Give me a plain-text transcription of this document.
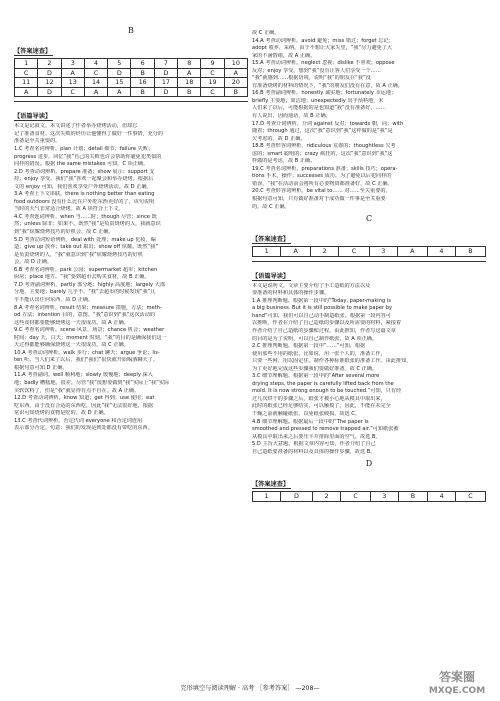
B
【答案速查】
1	2	3	4	5	6	7	8	9	10
C	D	A	C	D	B	D	A	C	A
11	12	13	14	15	16	17	18	19	20
A	D	C	A	A	B	D	B	C	B
【语篇导读】

本文是记叙文。本文讲述了作者举办烧烤活动，但却忘

记了准备食材。这次失败的经历让他懂得了做好一件事情，充分的

准备是至关重要的。

1.C 考查名词辨析。plan 计划；detail 细节；failure 失败；

progress 进步。回忆“我”自己的失败也许会帮助你避免犯类似的

同样的错误。根据 the same mistakes 可知，C 项正确。

2.D 考查动词辨析。prepare 准备；show 展示；support 支

持；enjoy 享受。我们“我”喜欢一起聚会和举办烧烤。根据后

文的 enjoy 可知，我们喜欢享受户外烧烤活动。故 D 正确。

3.A 考查上下文串联。there is nothing better than eating

food outdoors 没有什么比在户外吃东西更好的了，该句说明

当时的天气非常适合烧烤。故 A 项符合上下文。

4.C 考查连词辨析。when 当……时；though 尽管；since 既

然；unless 除非；如果不。既然“我”是负责烧烤的人，我就意识

到“我”炫耀烧烤技巧的好机会。故 C 正确。

5.D 考查动词短语辨析。deal with 处理；make up 化妆，编

造；give up 放弃；take out 取出；show off 炫耀。既然“我”

是负责烧烤的人，“我”就意识到“我”炫耀烧烤技巧的好机

会。故 D 正确。

6.B 考查名词辨析。park 公园；supermarket 超市；kitchen

厨房；place 地方。“我”要到超市去购买食材，故 B 正确。

7.D 考查副词辨析。partly 部分地；highly 高度地；largely 大部

分地，主要地；barely 几乎不。“我”去超市的时候发现“我”几

乎不能认出任何东西，故 D 正确。

8.A 考查名词辨析。result 结果；measure 措施，方法；meth-

od 方法；intention 目的，意图。“我”意识到“我”这次活动的

这些食材都要能够烧烤这一天很成功。故 A 正确。

9.C 考查名词辨析。scene 风景，场景；chance 机会；weather

时间；day 天，白天；moment 时刻。“我”的目的是确保我们这一

天过得都能够确保烧烤这一天很成功。故 C 正确。

10.A 考查动词辨析。walk 步行；chat 聊天；argue 争论；lis-

ten 听。当人们来了以后，我们“我们”很快就开始喝酒聊天了。

根据句意可知 D 正确。

11.A 考查副词。well 顺利地；slowly 缓慢地；deeply 深入

地；badly 糟糕地，很差。尽管“我”很想要做到“我”实际上“我”实际

买软饮料了，但是“我”就显得有点不自在。故 A 正确。

12.D 考查动词辨析。know 知道；get 得到；use 使用；eat

吃东西。由于没有合适的东西吃，因此“我”无法很好地，根据

常识可知烧烤的食物是吃的。故 D 正确。

13.C 考查代词辨析。否定代词 everyone 和否定词连用

表示部分否定。句意：我们的发现是到处都没有带吃的东西。

故 C 正确。

14.A 考查动词辨析。avoid 避免；miss 错过；forget 忘记；

adopt 收养，采纳。由于不想让大家失望，“我”尽力避免了大

家的不满情绪，故 A 正确。

15.A 考查动词辨析。neglect 忽视；dislike 不喜欢；oppose

反对；enjoy 享受。想到“我”没有让客人们享受一个……

“我”就感到……根据语境，说明“我”的朋友在“我”没

有准备烧烤的材料的情况下，“我”的朋友们没有在意，故 A 正确。

16.B 考查副词辨析。honestly 诚实地；fortunately 幸运地；

briefly 主要地；简洁地；unexpectedly 出乎预料地，未

人们来了以后，可能根据的是也知道“我”没有准备好，……

有人说出，因而通话，故 B 正确。

17.D 考查介词辨析。介词 against 反对；towards 朝，向；with

随着；through 通过，这次“我”意识到“我”这样做的是“我”是

欠考虑的，故 D 正确。

18.B 考查形容词辨析。ridiculous 荒谬的；thoughtless 欠考

虑的；smart 聪明的；crazy 疯狂的，这次“我”意识到“我”这

样做的是考虑，故 B 正确。

19.C 考查名词辨析。preparations 准备；skills 技巧；opera-

tions 手术，操作；successes 成功。为了避免以后犯同样的

错误，“我”在活动前会将所有必要物资都准备好，故 C 正确。

20.C 考查形容词辨析。be vital to…… 对……至关重要的。

根据句意可知，只有做好准备对于成功做一件事是至关重要

的。故 C 正确。

C
【答案速查】
1	A	2	C	3	A	4	B
【语篇导读】

本文是说明文。文章主要介绍了手工造纸的方法以及

要准备的材料和具体的操作步骤。

1.A 推理判断题。根据第一段中的“Today, paper-making is

a big business. But it is still possible to make paper by

hand”可知，我们可以自己动手制造纸张。根据第一段内容可

以推断，作者在介绍了自己造纸的步骤以及所需要的材料，紧接着

作者介绍了自己造纸的步骤和过程。由此推知，作者写这篇文章

的目的是为了说明，可以自己制作纸张，故 A 项正确。

2.C 推理判断题。根据第一段中“……”可知，根据

使用那些不用的纸张，比如说，用一张个人的，准备工作，

只要一些网，用以固定住，制作各种标准纸张的准备工作。由此推知，

为了更好地完成这些步骤我们要做好准备。故 C 正确。

3.C 细节理解题。根据第一段中的“After several more

drying steps, the paper is carefully lifted back from the

mold. It is now strong enough to be touched.”可知，只有经

过几次烘干的步骤之后，纸张才被小心地从模具中取出来，

此时的纸张已经足够结实，可以触摸了，因此，不能在未完全

干燥之前就触碰纸张，以免纸张破损。故选 C。

4.B 细节理解题。根据最后一段中的“The paper is

smoothed and pressed to remove trapped air.”可知纸张被

从模具中取出来之后要压平并排除里面的空气。故选 B。

5.D 主旨大意题。根据文章内容可知，作者介绍了自己

自己造纸要准备的材料以及具体的操作步骤，故选 B。

D
【答案速查】
1	D	2	C	3	B	4	C
完形填空与阅读理解 · 高考 ［参考答案］ —208—
答案圈
MXQE.COM
